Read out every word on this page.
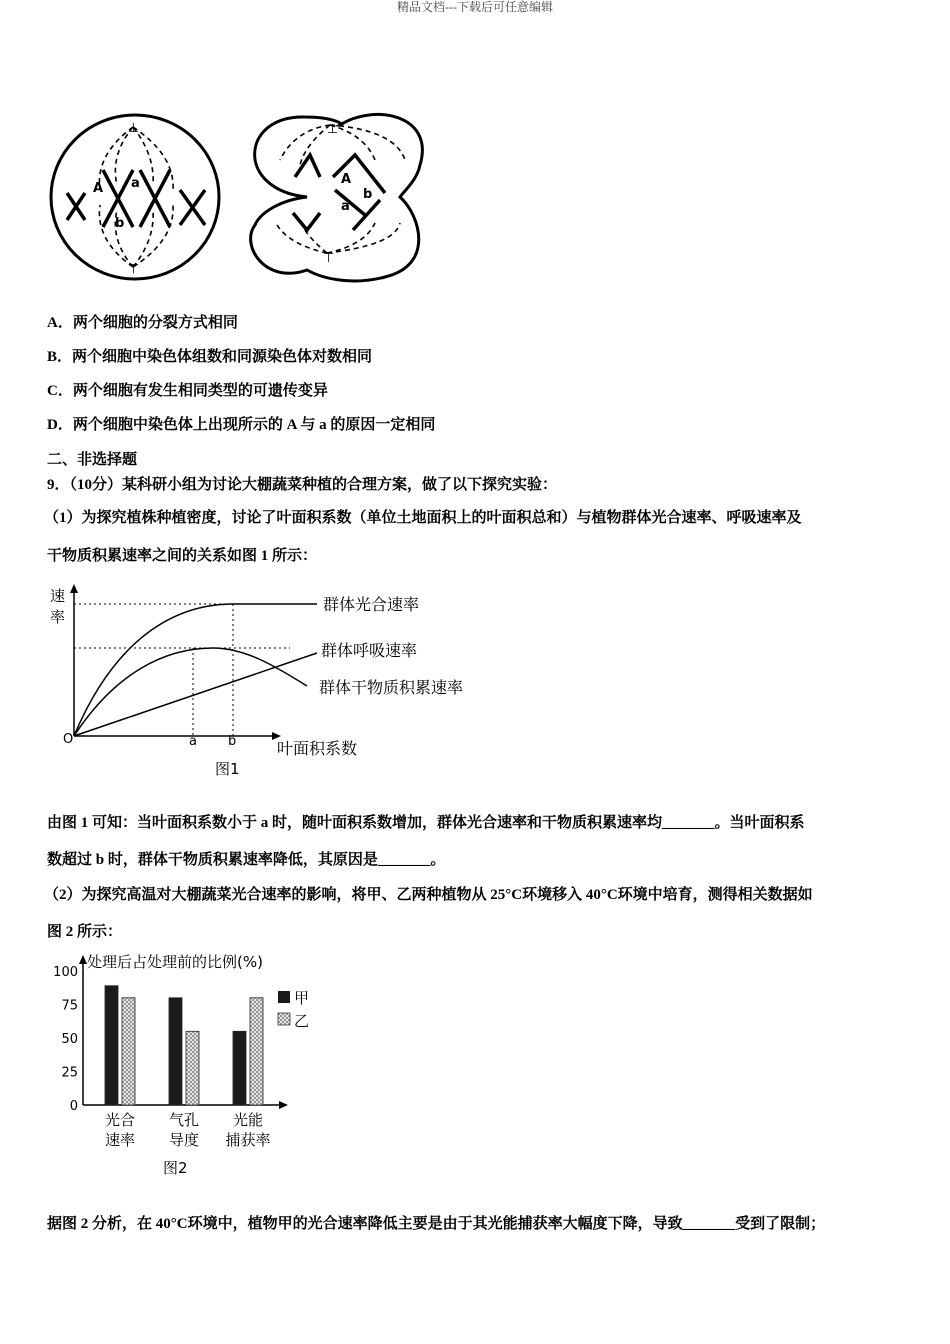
精品文档---下载后可任意编辑
⊥
⊤
A a
b
⊥
⊤
A
a
b
A．两个细胞的分裂方式相同
B．两个细胞中染色体组数和同源染色体对数相同
C．两个细胞有发生相同类型的可遗传变异
D．两个细胞中染色体上出现所示的 A 与 a 的原因一定相同
二、非选择题
9．（10分）某科研小组为讨论大棚蔬菜种植的合理方案，做了以下探究实验：
（1）为探究植株种植密度，讨论了叶面积系数（单位土地面积上的叶面积总和）与植物群体光合速率、呼吸速率及
干物质积累速率之间的关系如图 1 所示：
速
率
O	a b	叶面积系数
图1
群体光合速率
群体呼吸速率
群体干物质积累速率
由图 1 可知：当叶面积系数小于 a 时，随叶面积系数增加，群体光合速率和干物质积累速率均_______。当叶面积系
数超过 b 时，群体干物质积累速率降低，其原因是_______。
（2）为探究高温对大棚蔬菜光合速率的影响，将甲、乙两种植物从 25°C环境移入 40°C环境中培育，测得相关数据如
图 2 所示：
处理后占处理前的比例(%)
100
75
50
25
0
光合
速率
气孔
导度
光能
捕获率
甲
乙
图2
据图 2 分析，在 40°C环境中，植物甲的光合速率降低主要是由于其光能捕获率大幅度下降，导致_______受到了限制；
